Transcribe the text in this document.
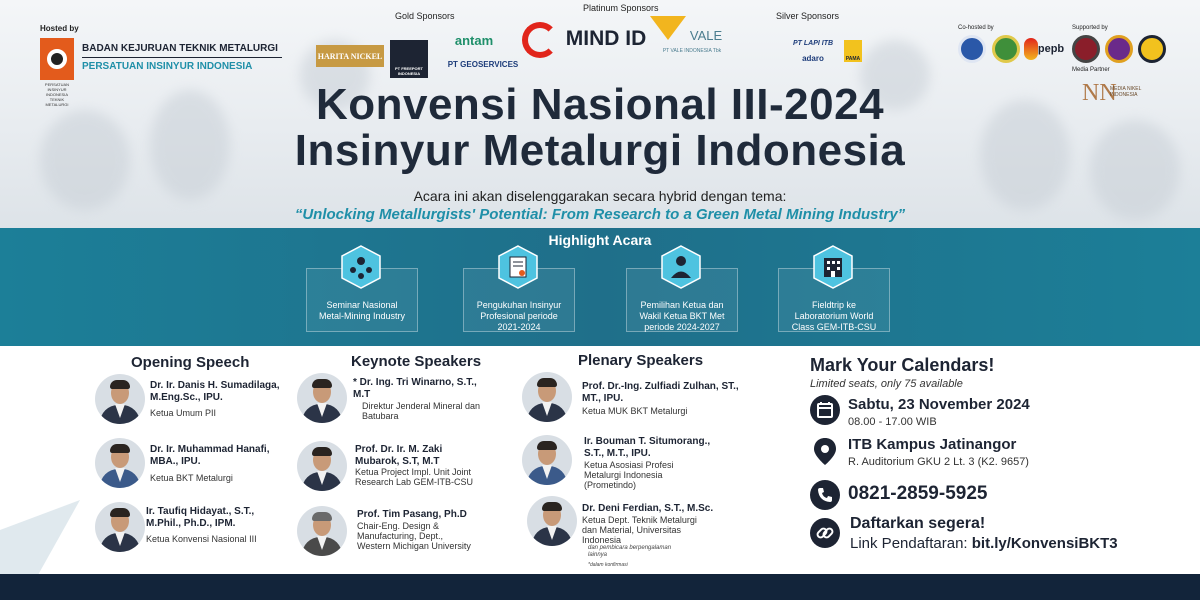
Hosted by
PERSATUAN INSINYUR INDONESIA TEKNIK METALURGI
BADAN KEJURUAN TEKNIK METALURGI
PERSATUAN INSINYUR INDONESIA
Gold Sponsors
Platinum Sponsors
Silver Sponsors
Co-hosted by	Supported by
Media Partner
HARITA NICKEL
PT FREEPORT INDONESIA
antam
PT GEOSERVICES
MIND ID	VALE
PT VALE INDONESIA Tbk
PT LAPI ITB
adaro	PAMA
pepb
NN
MEDIA NIKEL INDONESIA
Konvensi Nasional III-2024
Insinyur Metalurgi Indonesia
Acara ini akan diselenggarakan secara hybrid dengan tema:
“Unlocking Metallurgists' Potential: From Research to a Green Metal Mining Industry”
Highlight Acara
Seminar Nasional
Metal-Mining Industry
Pengukuhan Insinyur
Profesional periode
2021-2024
Pemilihan Ketua dan
Wakil Ketua BKT Met
periode 2024-2027
Fieldtrip ke
Laboratorium World
Class GEM-ITB-CSU
Opening Speech	Keynote Speakers	Plenary Speakers
Dr. Ir. Danis H. Sumadilaga,
M.Eng.Sc., IPU.
Ketua Umum PII
Dr. Ir. Muhammad Hanafi,
MBA., IPU.
Ketua BKT Metalurgi
Ir. Taufiq Hidayat., S.T.,
M.Phil., Ph.D., IPM.
Ketua Konvensi Nasional III
* Dr. Ing. Tri Winarno, S.T.,
M.T
Direktur Jenderal Mineral dan
Batubara
Prof. Dr. Ir. M. Zaki
Mubarok, S.T, M.T
Ketua Project Impl. Unit Joint
Research Lab GEM-ITB-CSU
Prof. Tim Pasang, Ph.D
Chair-Eng. Design &
Manufacturing, Dept.,
Western Michigan University
Prof. Dr.-Ing. Zulfiadi Zulhan, ST.,
MT., IPU.
Ketua MUK BKT Metalurgi
Ir. Bouman T. Situmorang.,
S.T., M.T., IPU.
Ketua Asosiasi Profesi
Metalurgi Indonesia
(Prometindo)
Dr. Deni Ferdian, S.T., M.Sc.
Ketua Dept. Teknik Metalurgi
dan Material, Universitas
Indonesia
dan pembicara berpengalaman
lainnya
*dalam konfirmasi
Mark Your Calendars!
Limited seats, only 75 available
Sabtu, 23 November 2024
08.00 - 17.00 WIB
ITB Kampus Jatinangor
R. Auditorium GKU 2 Lt. 3 (K2. 9657)
0821-2859-5925
Daftarkan segera!
Link Pendaftaran: bit.ly/KonvensiBKT3
